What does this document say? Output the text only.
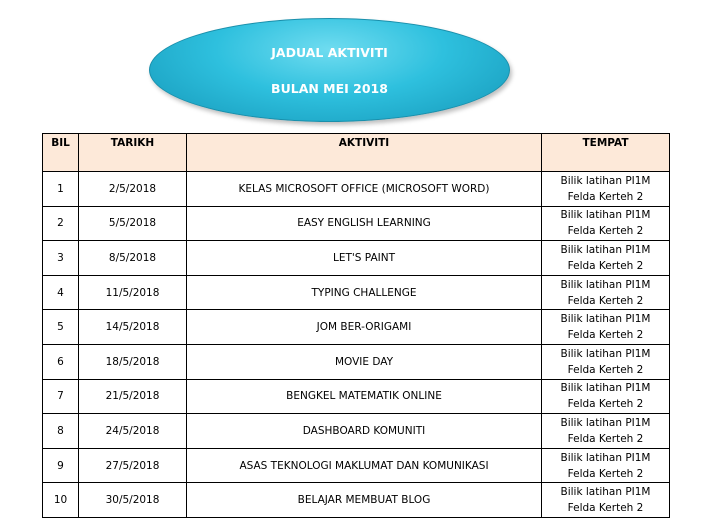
JADUAL AKTIVITI
BULAN MEI 2018
BIL	TARIKH	AKTIVITI	TEMPAT
1	2/5/2018	KELAS MICROSOFT OFFICE (MICROSOFT WORD)	Bilik latihan PI1M
Felda Kerteh 2

2	5/5/2018	EASY ENGLISH LEARNING	Bilik latihan PI1M
Felda Kerteh 2

3	8/5/2018	LET'S PAINT	Bilik latihan PI1M
Felda Kerteh 2

4	11/5/2018	TYPING CHALLENGE	Bilik latihan PI1M
Felda Kerteh 2

5	14/5/2018	JOM BER-ORIGAMI	Bilik latihan PI1M
Felda Kerteh 2

6	18/5/2018	MOVIE DAY	Bilik latihan PI1M
Felda Kerteh 2

7	21/5/2018	BENGKEL MATEMATIK ONLINE	Bilik latihan PI1M
Felda Kerteh 2

8	24/5/2018	DASHBOARD KOMUNITI	Bilik latihan PI1M
Felda Kerteh 2

9	27/5/2018	ASAS TEKNOLOGI MAKLUMAT DAN KOMUNIKASI	Bilik latihan PI1M
Felda Kerteh 2

10	30/5/2018	BELAJAR MEMBUAT BLOG	Bilik latihan PI1M
Felda Kerteh 2
